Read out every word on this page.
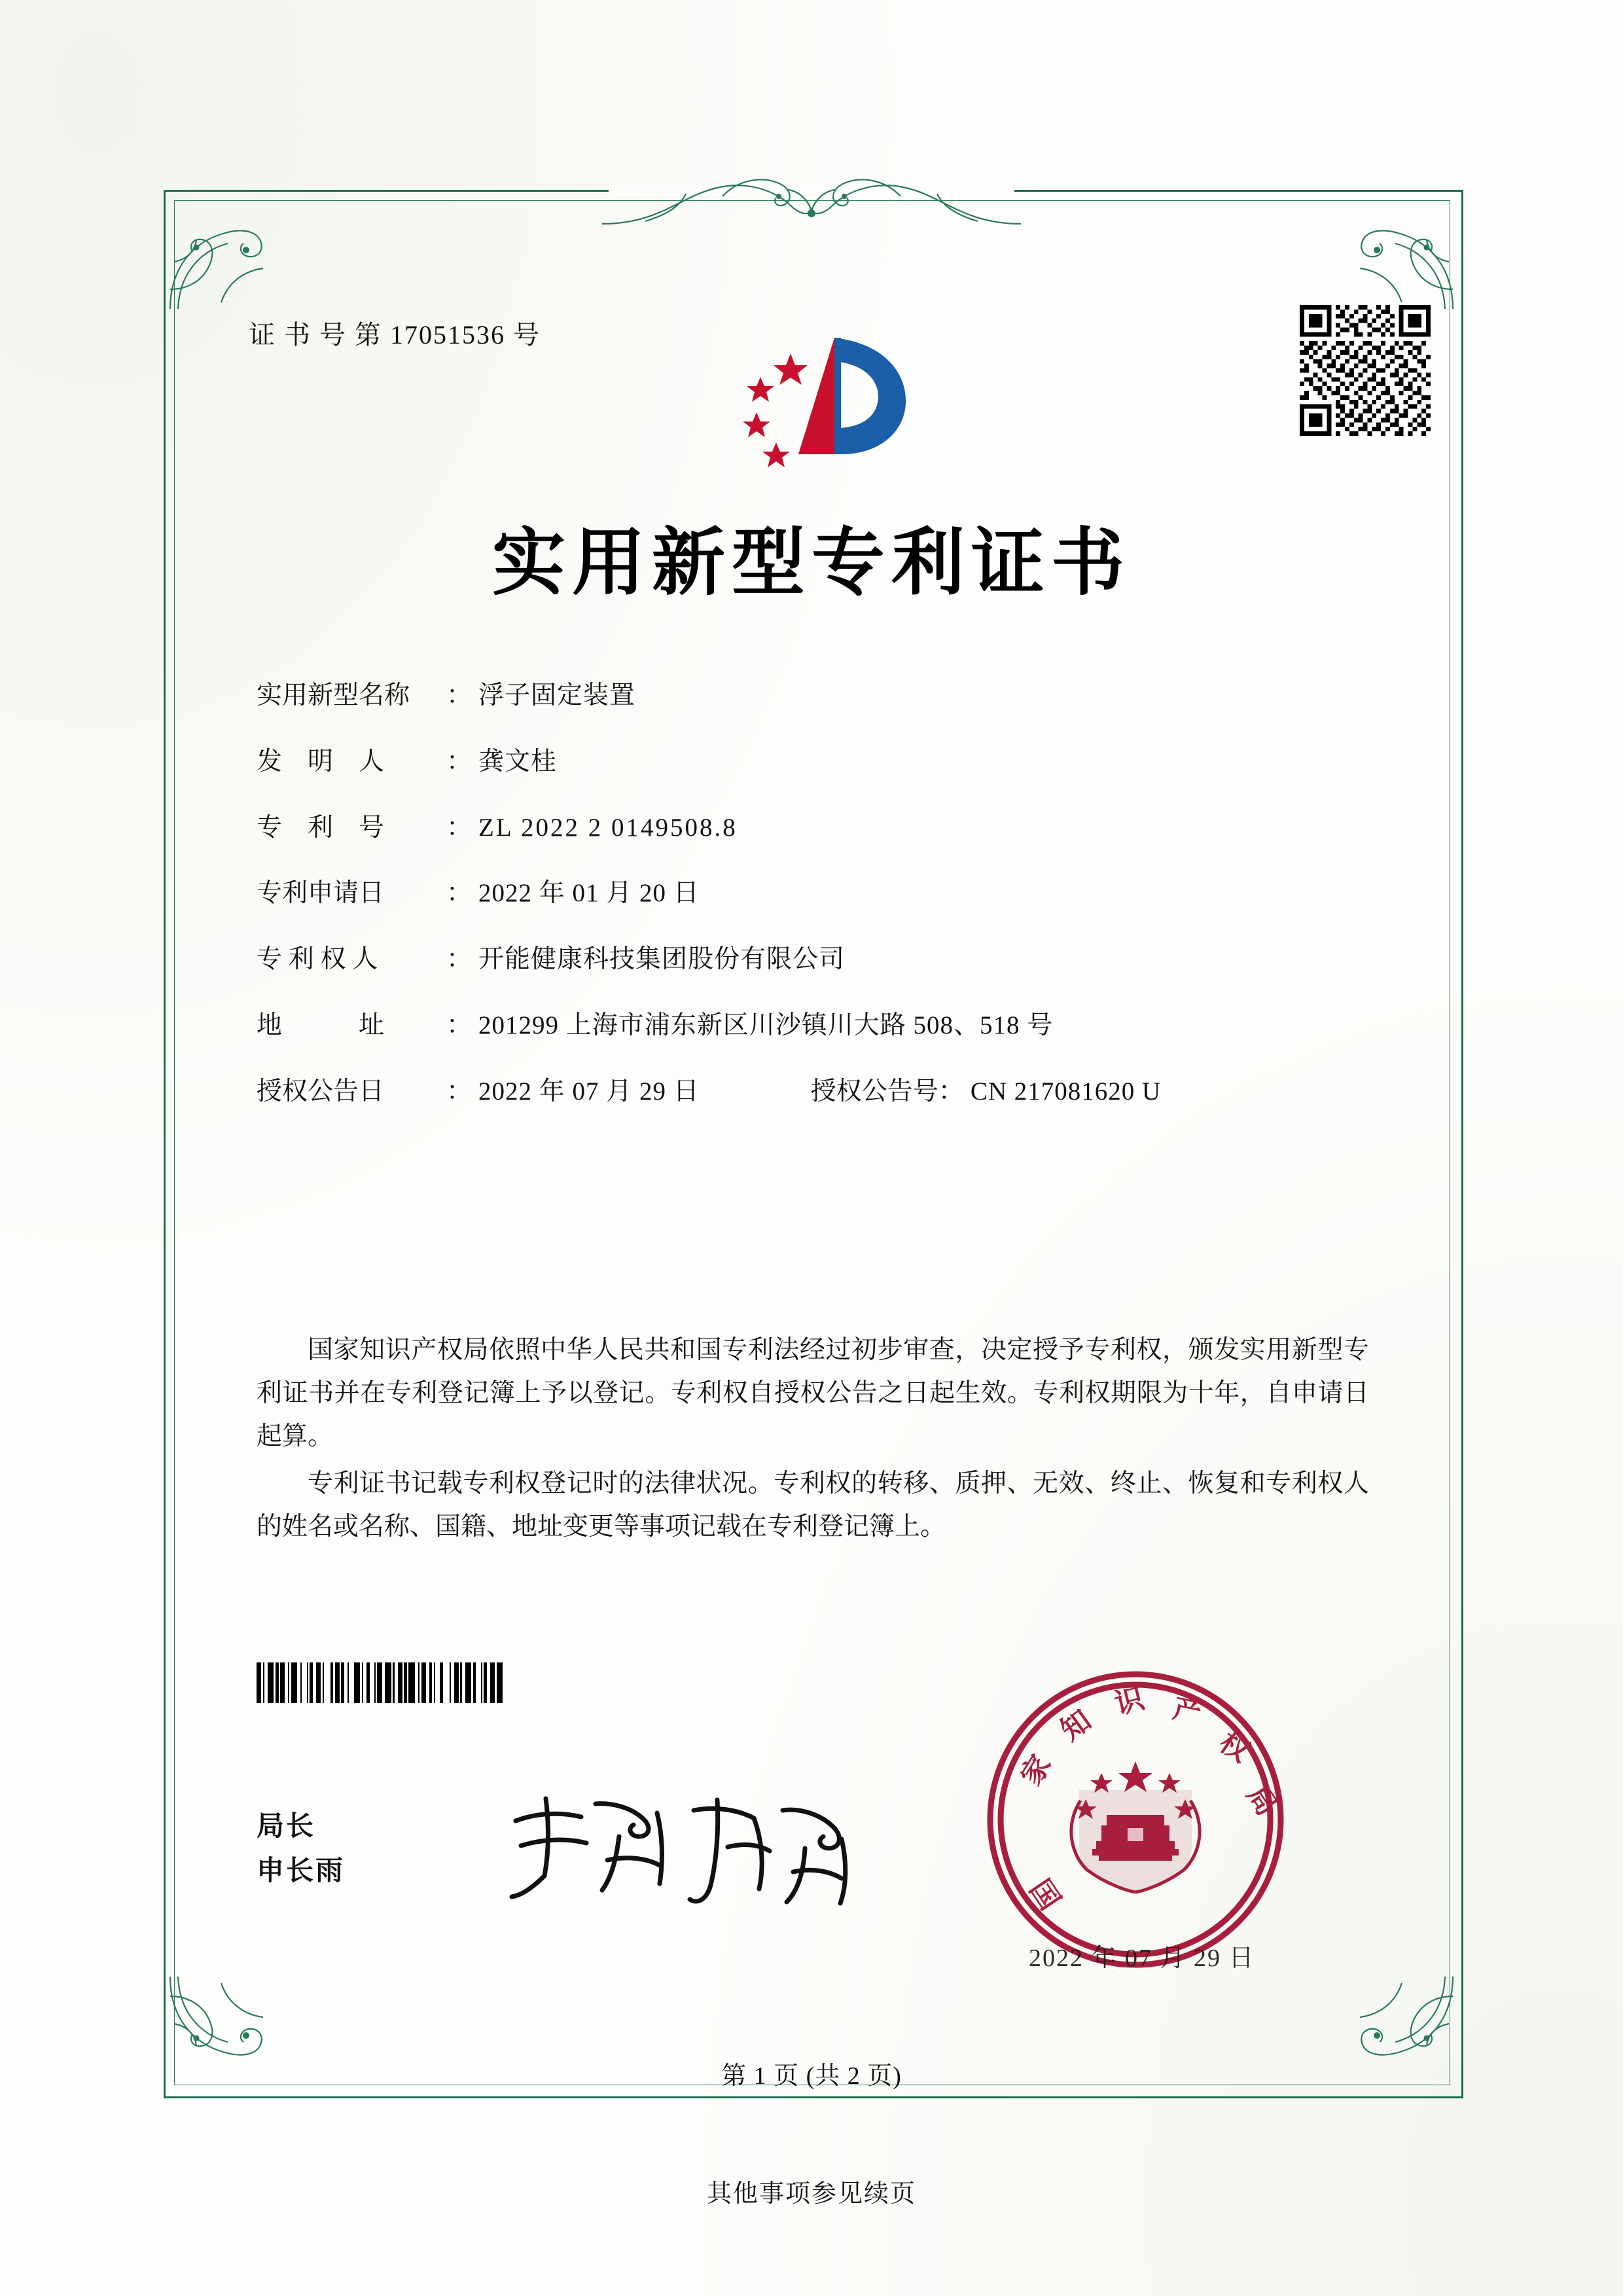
证 书 号 第 17051536 号
实用新型专利证书
实用新型名称	： 浮子固定装置
发　明　人	： 龚文桂
专　利　号	： ZL 2022 2 0149508.8
专利申请日	： 2022 年 01 月 20 日
专 利 权 人	： 开能健康科技集团股份有限公司
地　　　址	： 201299 上海市浦东新区川沙镇川大路 508、518 号
授权公告日	： 2022 年 07 月 29 日	授权公告号 ： CN 217081620 U

国家知识产权局依照中华人民共和国专利法经过初步审查，决定授予专利权，颁发实用新型专利证书并在专利登记簿上予以登记。专利权自授权公告之日起生效。专利权期限为十年，自申请日起算。

专利证书记载专利权登记时的法律状况。专利权的转移、质押、无效、终止、恢复和专利权人的姓名或名称、国籍、地址变更等事项记载在专利登记簿上。

局长
申长雨
家
知
识 产
权
局
国
2022 年 07 月 29 日
第 1 页 (共 2 页)
其他事项参见续页
